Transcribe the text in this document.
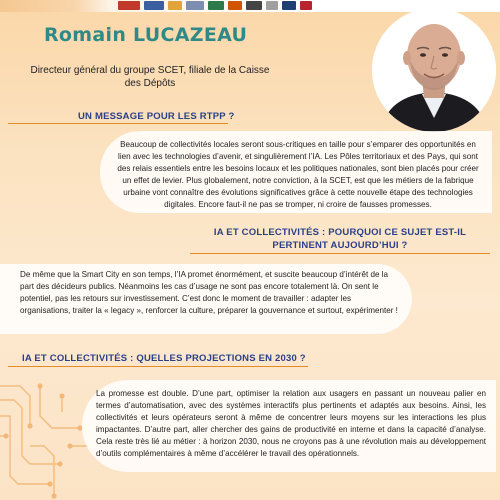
Romain LUCAZEAU
Directeur général du groupe SCET, filiale de la Caisse des Dépôts
UN MESSAGE POUR LES RTPP ?
Beaucoup de collectivités locales seront sous-critiques en taille pour s’emparer des opportunités en lien avec les technologies d’avenir, et singulièrement l’IA. Les Pôles territoriaux et des Pays, qui sont des relais essentiels entre les besoins locaux et les politiques nationales, sont bien placés pour créer un effet de levier. Plus globalement, notre conviction, à la SCET, est que les métiers de la fabrique urbaine vont connaître des évolutions significatives grâce à cette nouvelle étape des technologies digitales. Encore faut-il ne pas se tromper, ni croire de fausses promesses.
IA ET COLLECTIVITÉS : POURQUOI CE SUJET EST-IL PERTINENT AUJOURD’HUI ?
De même que la Smart City en son temps, l’IA promet énormément, et suscite beaucoup d’intérêt de la part des décideurs publics. Néanmoins les cas d’usage ne sont pas encore totalement là. On sent le potentiel, pas les retours sur investissement. C’est donc le moment de travailler : adapter les organisations, traiter la « legacy », renforcer la culture, préparer la gouvernance et surtout, expérimenter !
IA ET COLLECTIVITÉS : QUELLES PROJECTIONS EN 2030 ?
La promesse est double. D’une part, optimiser la relation aux usagers en passant un nouveau palier en termes d’automatisation, avec des systèmes interactifs plus pertinents et adaptés aux besoins. Ainsi, les collectivités et leurs opérateurs seront à même de concentrer leurs moyens sur les interactions les plus impactantes. D’autre part, aller chercher des gains de productivité en interne et dans la capacité d’analyse. Cela reste très lié au métier : à horizon 2030, nous ne croyons pas à une révolution mais au développement d’outils complémentaires à même d’accélérer le travail des opérationnels.
